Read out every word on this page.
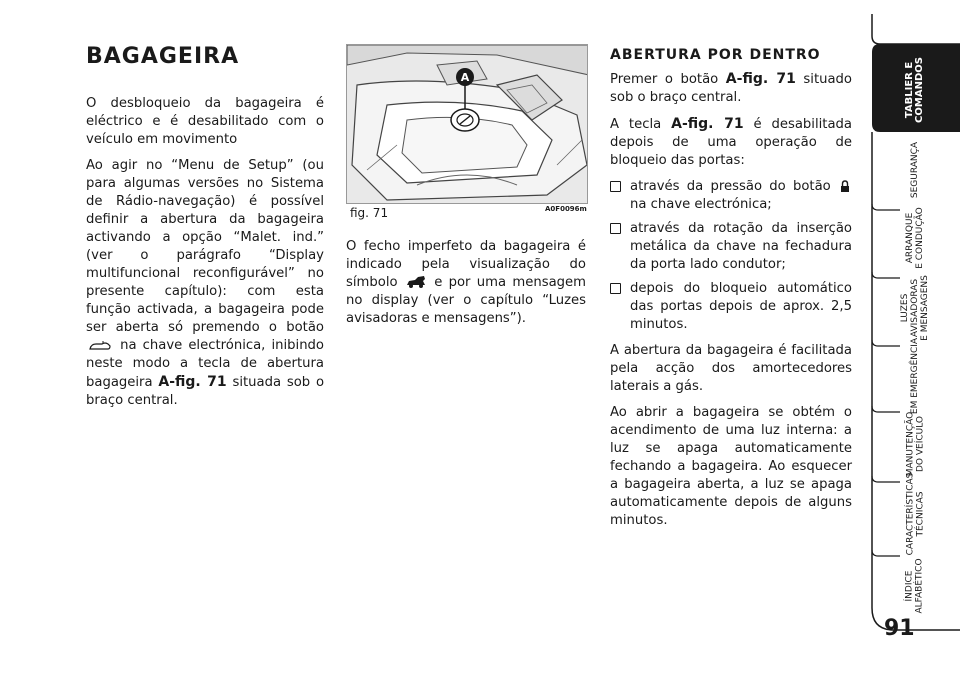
BAGAGEIRA

O desbloqueio da bagageira é eléctrico e é desabilitado com o veículo em movimento

Ao agir no “Menu de Setup” (ou para algumas versões no Sistema de Rádio-navegação) é possível definir a abertura da bagageira activando a opção “Malet. ind.” (ver o parágrafo “Display multifuncional reconfigurável” no presente capítulo): com esta função activada, a bagageira pode ser aberta só premendo o botão  na chave electrónica, inibindo neste modo a tecla de abertura bagageira A-fig. 71 situada sob o braço central.

A
fig. 71	A0F0096m

O fecho imperfeto da bagageira é indicado pela visualização do símbolo	e por uma mensagem no display (ver o capítulo “Luzes avisadoras e mensagens”).

ABERTURA POR DENTRO

Premer o botão A-fig. 71 situado sob o braço central.

A tecla A-fig. 71 é desabilitada depois de uma operação de bloqueio das portas:

através da pressão do botão  na chave electrónica;
através da rotação da inserção metálica da chave na fechadura da porta lado condutor;
depois do bloqueio automático das portas depois de aprox. 2,5 minutos.

A abertura da bagageira é facilitada pela acção dos amortecedores laterais a gás.

Ao abrir a bagageira se obtém o acendimento de uma luz interna: a luz se apaga automaticamente fechando a bagageira. Ao esquecer a bagageira aberta, a luz se apaga automaticamente depois de alguns minutos.

TABLIER E
COMANDOS
SEGURANÇA
ARRANQUE
E CONDUÇÃO
LUZES
AVISADORAS
E MENSAGENS
EM EMERGÊNCIA
MANUTENÇÃO
DO VEÍCULO
CARACTERÍSTICAS
TÉCNICAS
ÍNDICE
ALFABÉTICO
91
